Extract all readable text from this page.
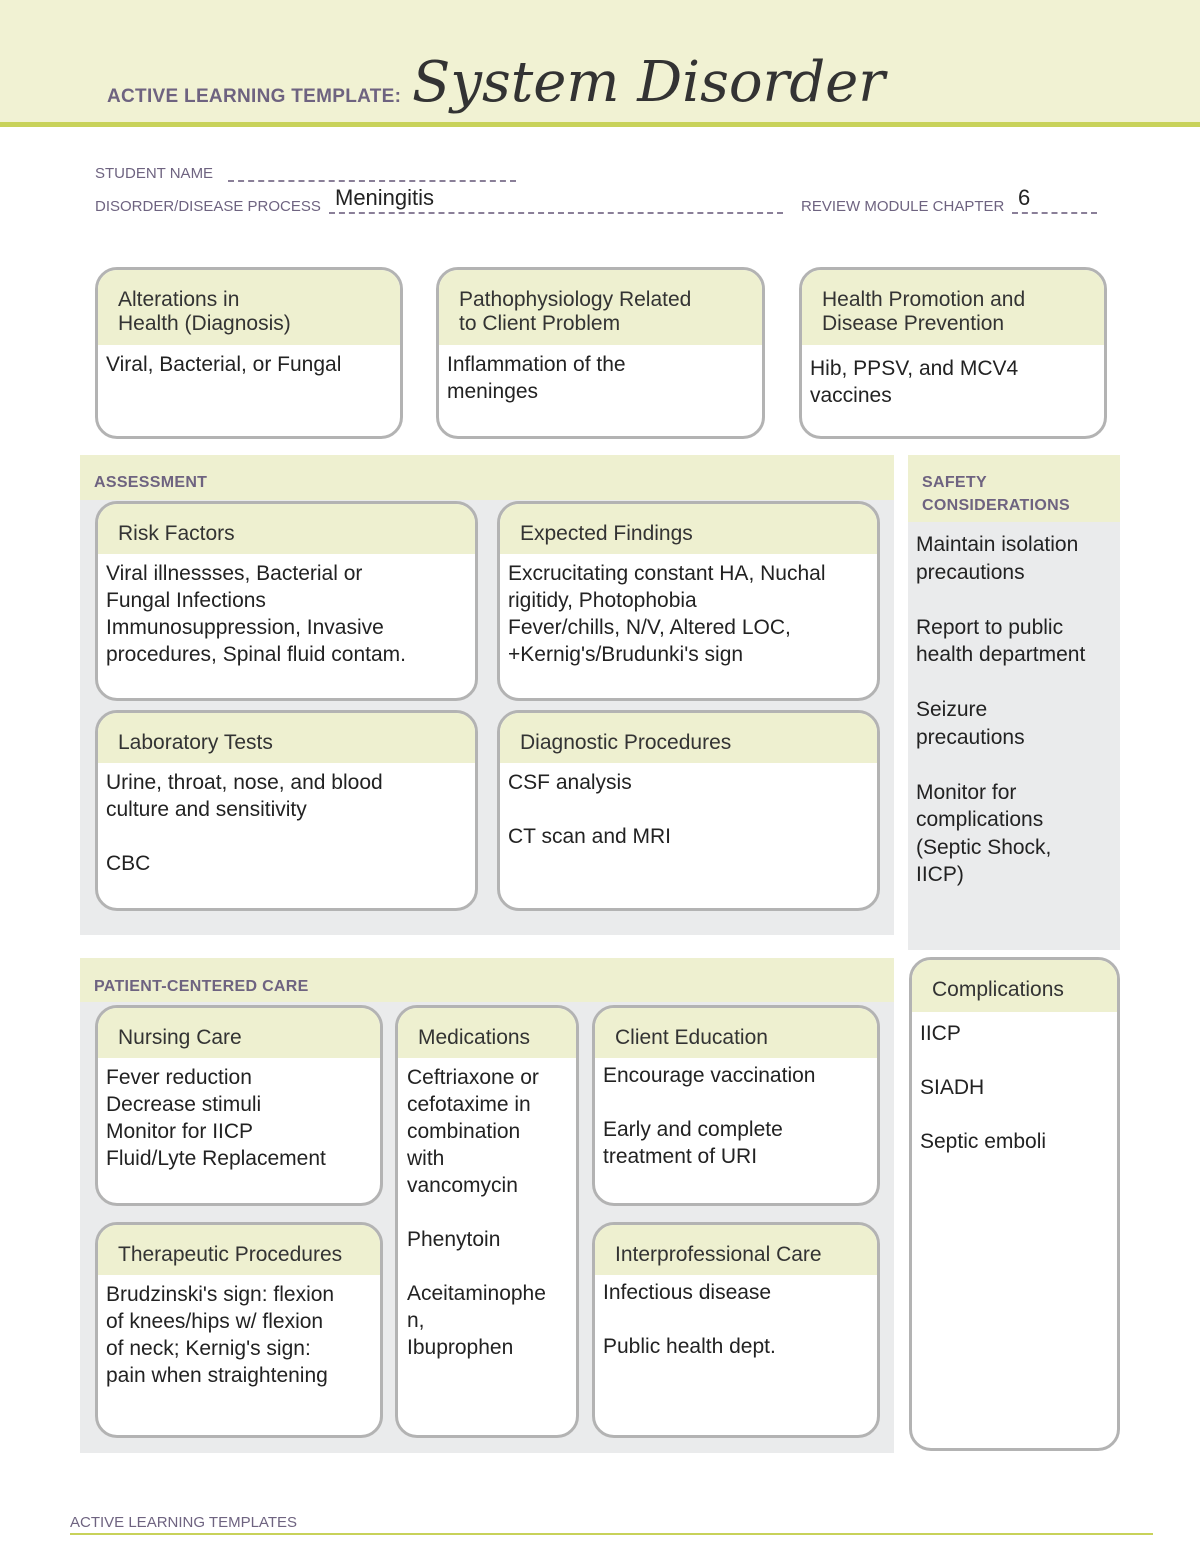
ACTIVE LEARNING TEMPLATE: System Disorder
STUDENT NAME
DISORDER/DISEASE PROCESS Meningitis	REVIEW MODULE CHAPTER 6
Alterations in
Health (Diagnosis)
Viral, Bacterial, or Fungal
Pathophysiology Related
to Client Problem
Inflammation of the
meninges
Health Promotion and
Disease Prevention
Hib, PPSV, and MCV4
vaccines
ASSESSMENT
Risk Factors
Viral illnessses, Bacterial or
Fungal Infections
Immunosuppression, Invasive
procedures, Spinal fluid contam.
Expected Findings
Excrucitating constant HA, Nuchal
rigitidy, Photophobia
Fever/chills, N/V, Altered LOC,
+Kernig's/Brudunki's sign
Laboratory Tests
Urine, throat, nose, and blood
culture and sensitivity

CBC
Diagnostic Procedures
CSF analysis

CT scan and MRI
SAFETY
CONSIDERATIONS
Maintain isolation
precautions

Report to public
health department

Seizure
precautions

Monitor for
complications
(Septic Shock,
IICP)
PATIENT-CENTERED CARE
Nursing Care
Fever reduction
Decrease stimuli
Monitor for IICP
Fluid/Lyte Replacement
Medications
Ceftriaxone or
cefotaxime in
combination
with
vancomycin

Phenytoin

Aceitaminophe
n,
Ibuprophen
Client Education
Encourage vaccination

Early and complete
treatment of URI
Therapeutic Procedures
Brudzinski's sign: flexion
of knees/hips w/ flexion
of neck; Kernig's sign:
pain when straightening
Interprofessional Care
Infectious disease

Public health dept.
Complications
IICP

SIADH

Septic emboli
ACTIVE LEARNING TEMPLATES
